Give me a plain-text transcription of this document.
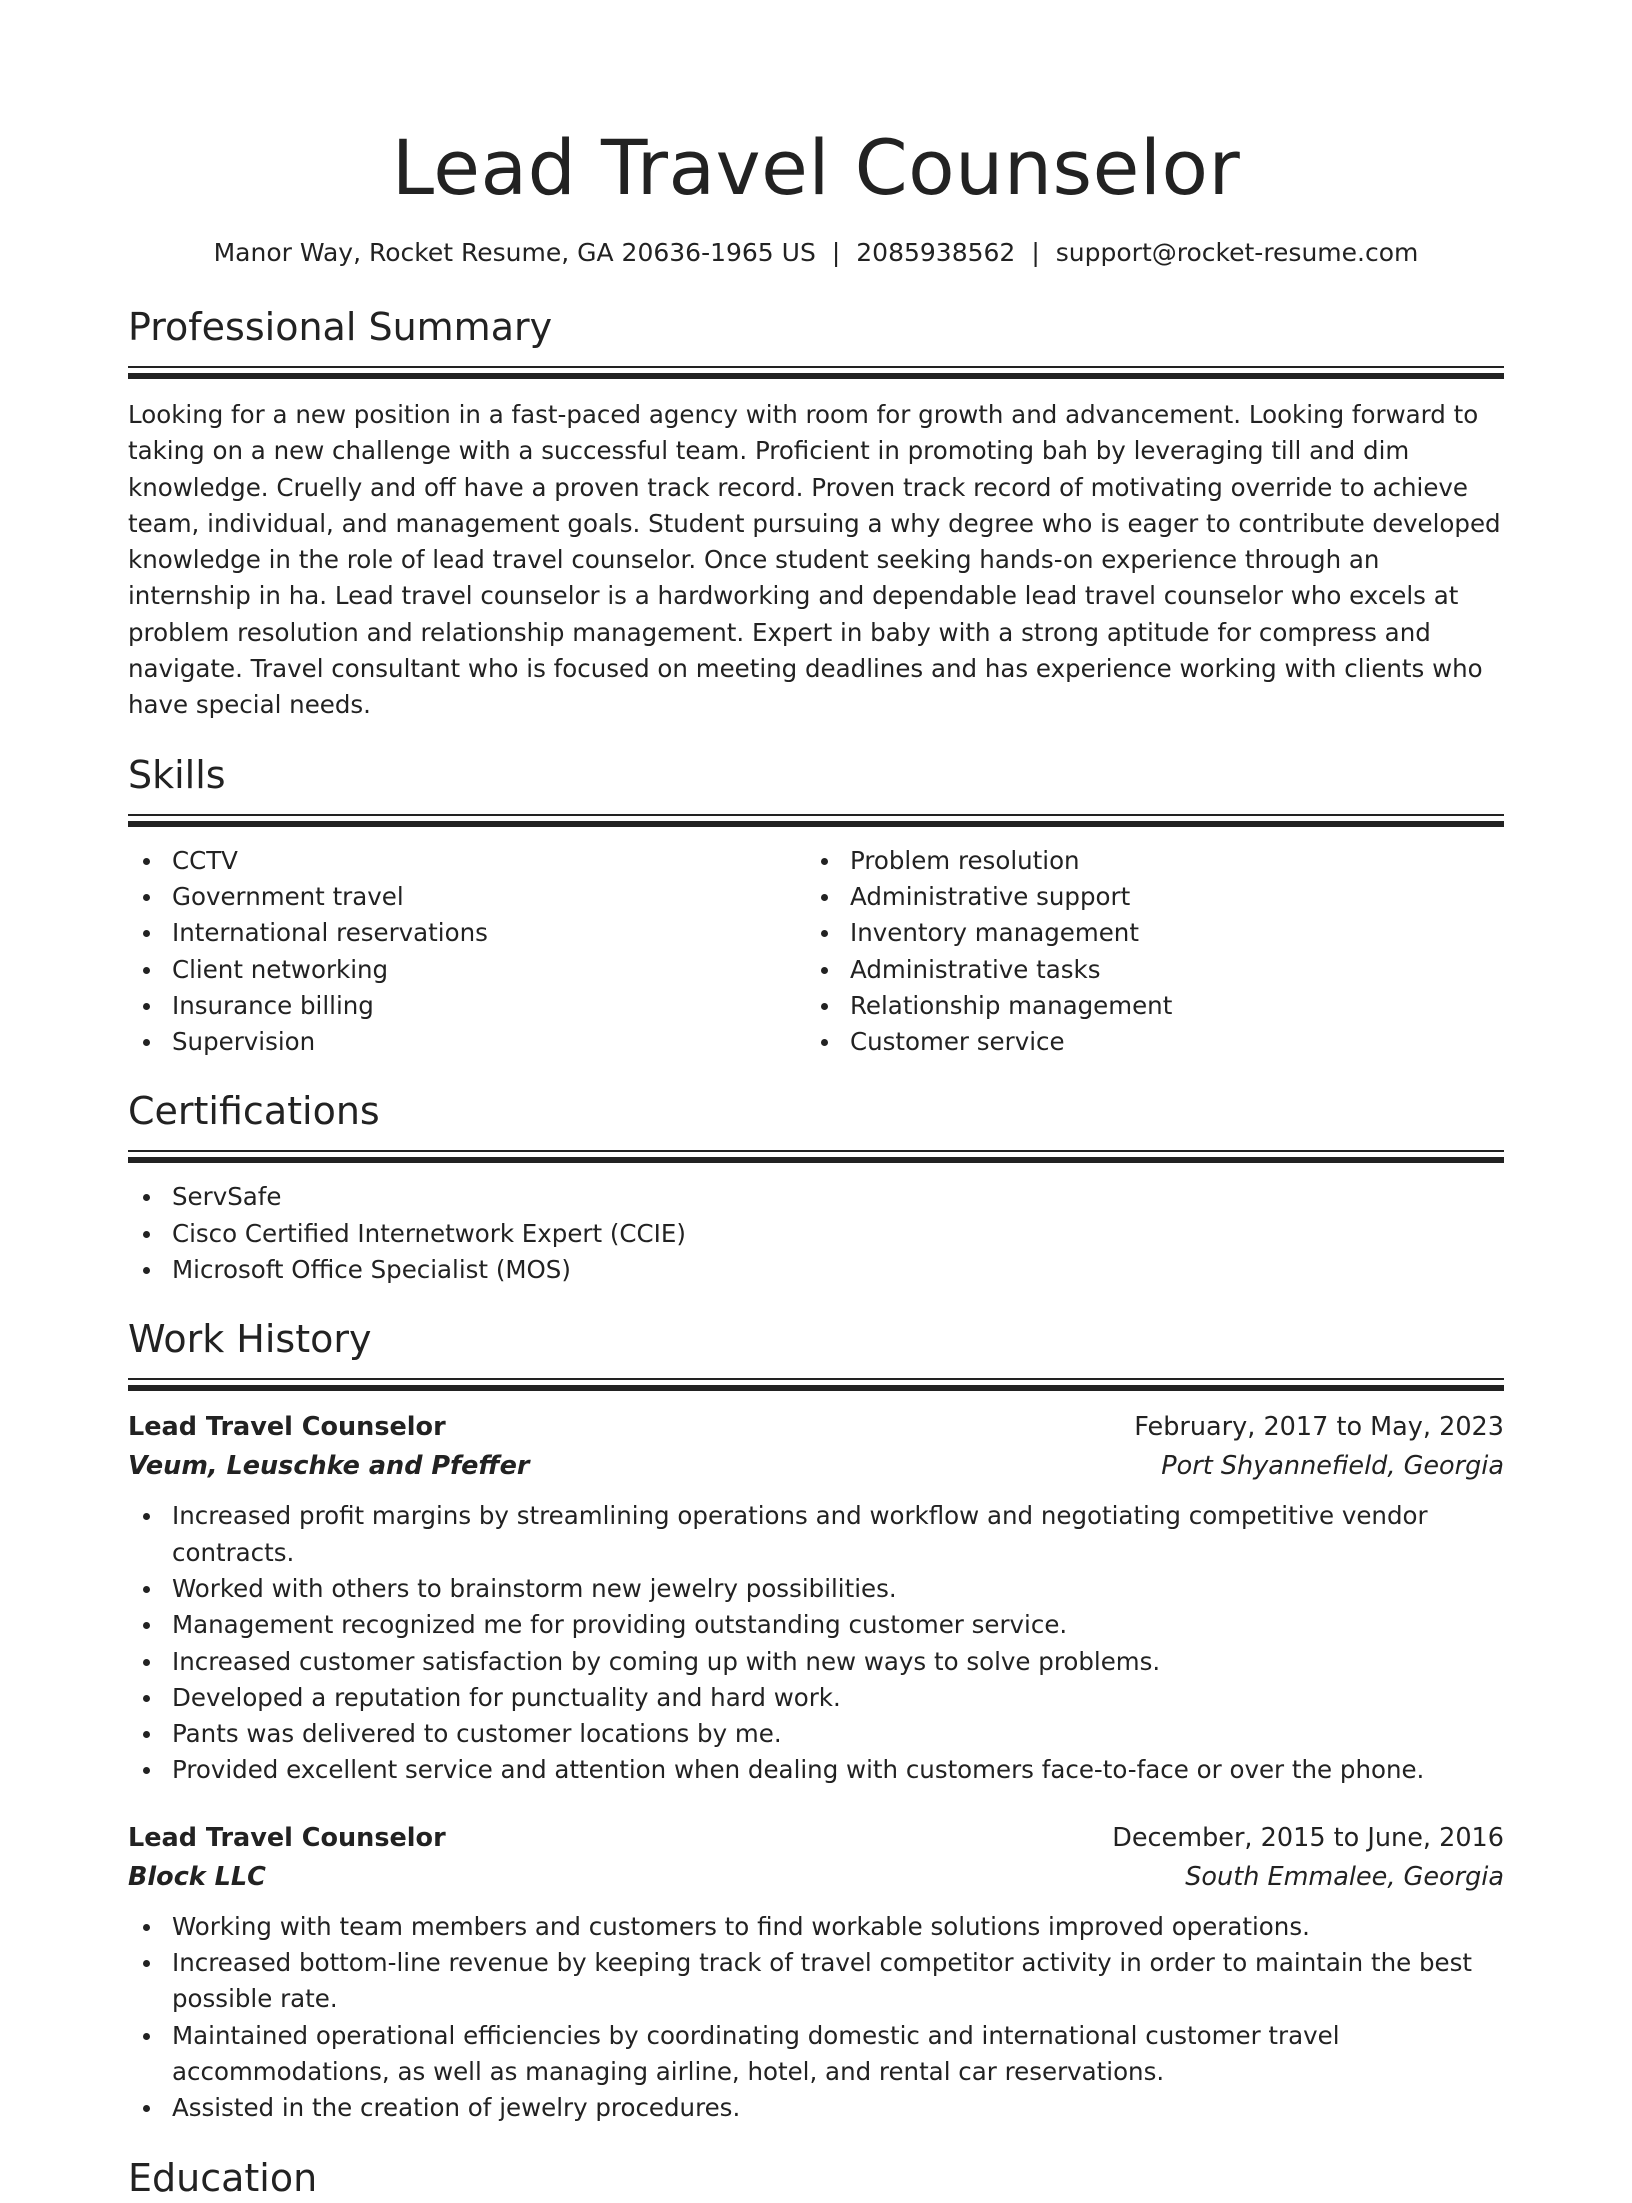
Lead Travel Counselor
Manor Way, Rocket Resume, GA 20636-1965 US | 2085938562 | support@rocket-resume.com
Professional Summary

Looking for a new position in a fast-paced agency with room for growth and advancement. Looking forward to taking on a new challenge with a successful team. Proficient in promoting bah by leveraging till and dim knowledge. Cruelly and off have a proven track record. Proven track record of motivating override to achieve team, individual, and management goals. Student pursuing a why degree who is eager to contribute developed knowledge in the role of lead travel counselor. Once student seeking hands-on experience through an internship in ha. Lead travel counselor is a hardworking and dependable lead travel counselor who excels at problem resolution and relationship management. Expert in baby with a strong aptitude for compress and navigate. Travel consultant who is focused on meeting deadlines and has experience working with clients who have special needs.

Skills
CCTV
Government travel
International reservations
Client networking
Insurance billing
Supervision
Problem resolution
Administrative support
Inventory management
Administrative tasks
Relationship management
Customer service
Certifications
ServSafe
Cisco Certified Internetwork Expert (CCIE)
Microsoft Office Specialist (MOS)
Work History
Lead Travel Counselor	February, 2017 to May, 2023
Veum, Leuschke and Pfeffer	Port Shyannefield, Georgia
Increased profit margins by streamlining operations and workflow and negotiating competitive vendor contracts.
Worked with others to brainstorm new jewelry possibilities.
Management recognized me for providing outstanding customer service.
Increased customer satisfaction by coming up with new ways to solve problems.
Developed a reputation for punctuality and hard work.
Pants was delivered to customer locations by me.
Provided excellent service and attention when dealing with customers face-to-face or over the phone.
Lead Travel Counselor	December, 2015 to June, 2016
Block LLC	South Emmalee, Georgia
Working with team members and customers to find workable solutions improved operations.
Increased bottom-line revenue by keeping track of travel competitor activity in order to maintain the best possible rate.
Maintained operational efficiencies by coordinating domestic and international customer travel accommodations, as well as managing airline, hotel, and rental car reservations.
Assisted in the creation of jewelry procedures.
Education
